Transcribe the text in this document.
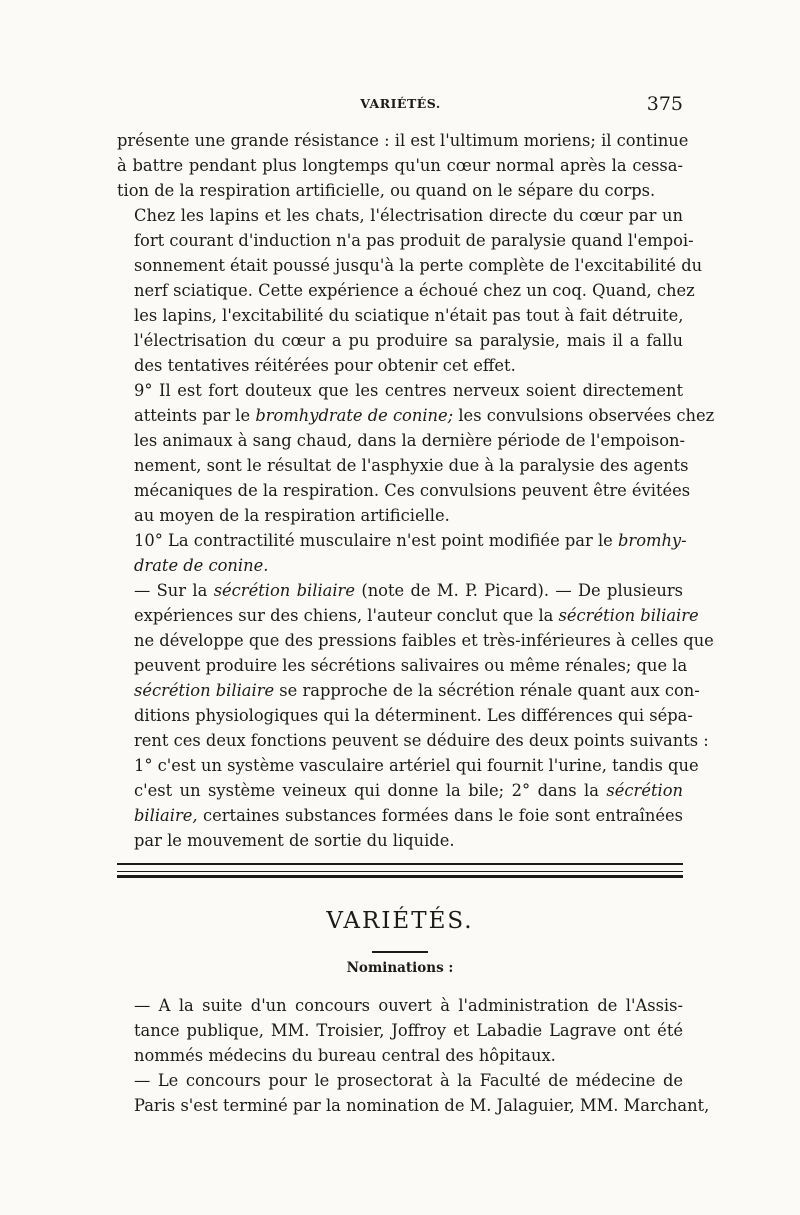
VARIÉTÉS.	375

présente une grande résistance : il est l'ultimum moriens; il continue
à battre pendant plus longtemps qu'un cœur normal après la cessa-
tion de la respiration artificielle, ou quand on le sépare du corps.

Chez les lapins et les chats, l'électrisation directe du cœur par un
fort courant d'induction n'a pas produit de paralysie quand l'empoi-
sonnement était poussé jusqu'à la perte complète de l'excitabilité du
nerf sciatique. Cette expérience a échoué chez un coq. Quand, chez
les lapins, l'excitabilité du sciatique n'était pas tout à fait détruite,
l'électrisation du cœur a pu produire sa paralysie, mais il a fallu
des tentatives réitérées pour obtenir cet effet.

9° Il est fort douteux que les centres nerveux soient directement
atteints par le bromhydrate de conine; les convulsions observées chez
les animaux à sang chaud, dans la dernière période de l'empoison-
nement, sont le résultat de l'asphyxie due à la paralysie des agents
mécaniques de la respiration. Ces convulsions peuvent être évitées
au moyen de la respiration artificielle.

10° La contractilité musculaire n'est point modifiée par le bromhy-
drate de conine.

— Sur la sécrétion biliaire (note de M. P. Picard). — De plusieurs
expériences sur des chiens, l'auteur conclut que la sécrétion biliaire
ne développe que des pressions faibles et très-inférieures à celles que
peuvent produire les sécrétions salivaires ou même rénales; que la
sécrétion biliaire se rapproche de la sécrétion rénale quant aux con-
ditions physiologiques qui la déterminent. Les différences qui sépa-
rent ces deux fonctions peuvent se déduire des deux points suivants :
1° c'est un système vasculaire artériel qui fournit l'urine, tandis que
c'est un système veineux qui donne la bile; 2° dans la sécrétion
biliaire, certaines substances formées dans le foie sont entraînées
par le mouvement de sortie du liquide.

VARIÉTÉS.
Nominations :

— A la suite d'un concours ouvert à l'administration de l'Assis-
tance publique, MM. Troisier, Joffroy et Labadie Lagrave ont été
nommés médecins du bureau central des hôpitaux.

— Le concours pour le prosectorat à la Faculté de médecine de
Paris s'est terminé par la nomination de M. Jalaguier, MM. Marchant,
